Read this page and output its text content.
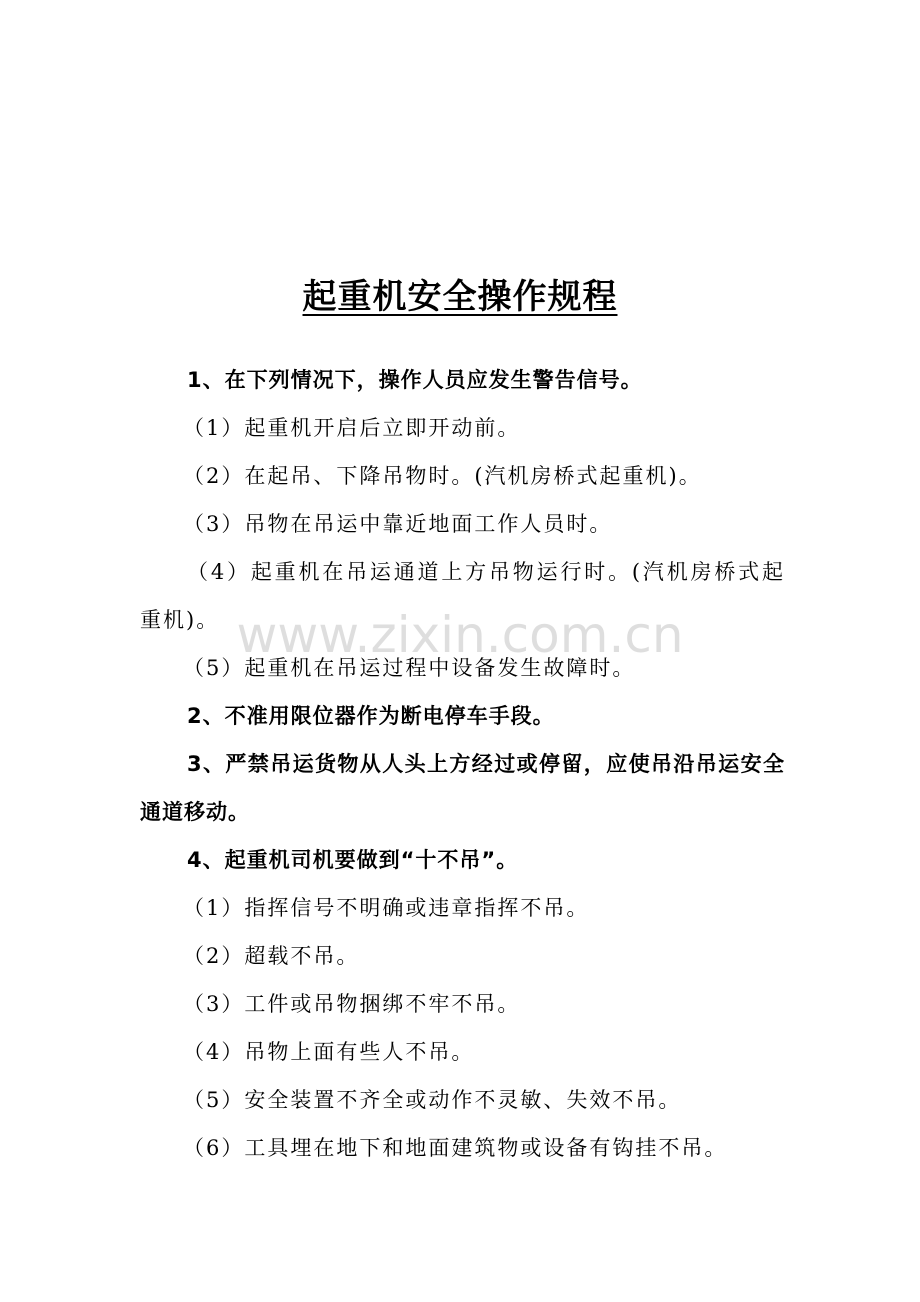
起重机安全操作规程
1、在下列情况下，操作人员应发生警告信号。
（1）起重机开启后立即开动前。
（2）在起吊、下降吊物时。(汽机房桥式起重机)。
（3）吊物在吊运中靠近地面工作人员时。
（4）起重机在吊运通道上方吊物运行时。(汽机房桥式起重机)。
（5）起重机在吊运过程中设备发生故障时。
2、不准用限位器作为断电停车手段。
3、严禁吊运货物从人头上方经过或停留，应使吊沿吊运安全通道移动。
4、起重机司机要做到“十不吊”。
（1）指挥信号不明确或违章指挥不吊。
（2）超载不吊。
（3）工件或吊物捆绑不牢不吊。
（4）吊物上面有些人不吊。
（5）安全装置不齐全或动作不灵敏、失效不吊。
（6）工具埋在地下和地面建筑物或设备有钩挂不吊。
www.zixin.com.cn
